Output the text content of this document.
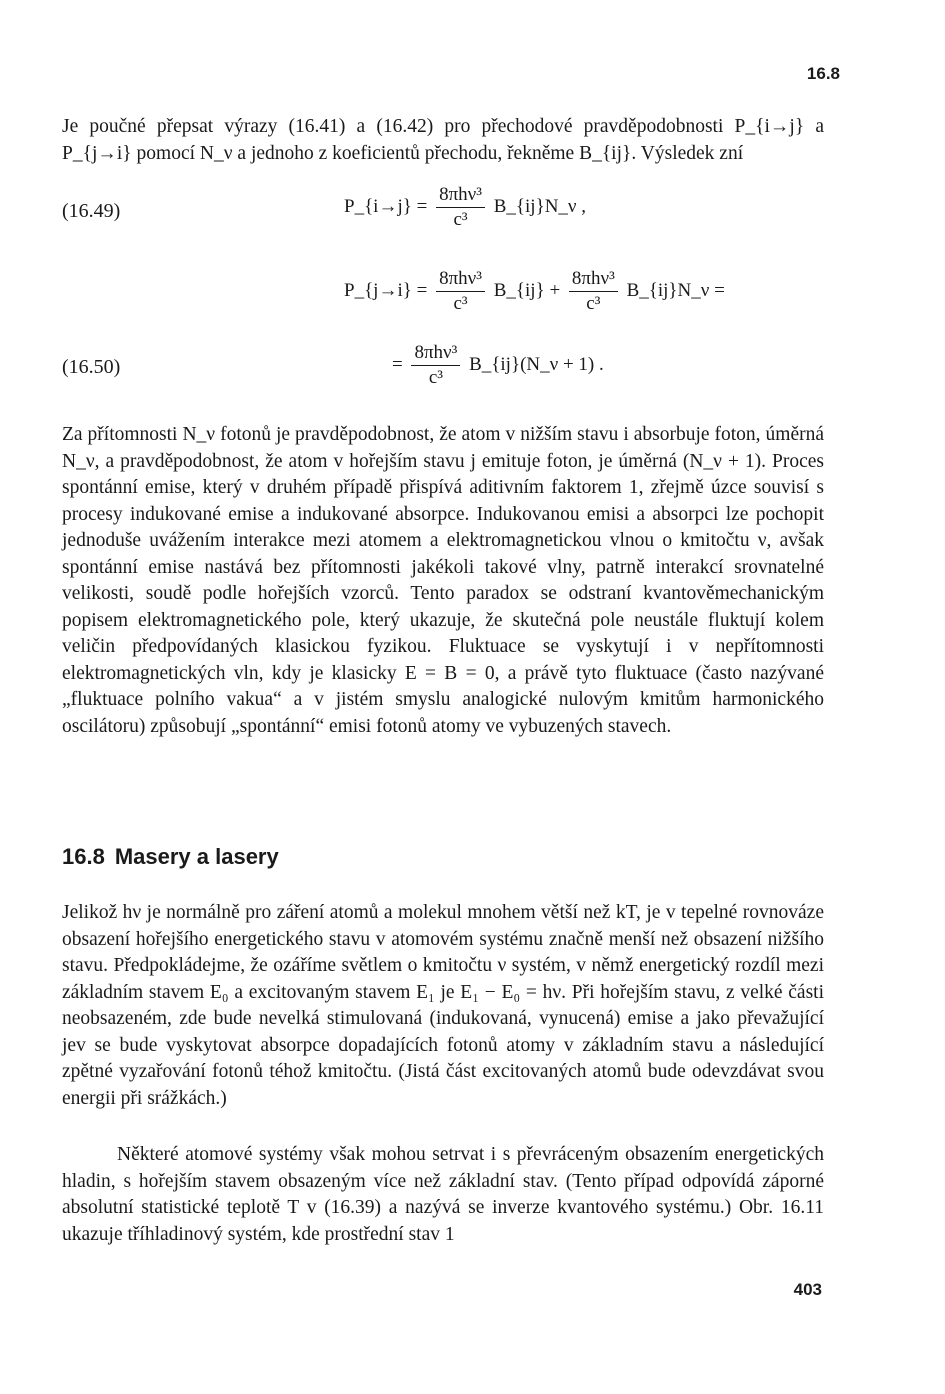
16.8

Je poučné přepsat výrazy (16.41) a (16.42) pro přechodové pravděpodobnosti P_{i→j} a P_{j→i} pomocí N_ν a jednoho z koeficientů přechodu, řekněme B_{ij}. Výsledek zní

(16.49)	P_{i→j} = $\frac{\text{8πhν³}}{\text{c³}}$ B_{ij}N_ν ,
P_{j→i} = $\frac{\text{8πhν³}}{\text{c³}}$ B_{ij} + $\frac{\text{8πhν³}}{\text{c³}}$ B_{ij}N_ν =
(16.50)	= $\frac{\text{8πhν³}}{\text{c³}}$ B_{ij}(N_ν + 1) .

Za přítomnosti N_ν fotonů je pravděpodobnost, že atom v nižším stavu i absorbuje foton, úměrná N_ν, a pravděpodobnost, že atom v hořejším stavu j emituje foton, je úměrná (N_ν + 1). Proces spontánní emise, který v druhém případě přispívá aditivním faktorem 1, zřejmě úzce souvisí s procesy indukované emise a indukované absorpce. Indukovanou emisi a absorpci lze pochopit jednoduše uvážením interakce mezi atomem a elektromagnetickou vlnou o kmitočtu ν, avšak spontánní emise nastává bez přítomnosti jakékoli takové vlny, patrně interakcí srovnatelné velikosti, soudě podle hořejších vzorců. Tento paradox se odstraní kvantověmechanickým popisem elektromagnetického pole, který ukazuje, že skutečná pole neustále fluktují kolem veličin předpovídaných klasickou fyzikou. Fluktuace se vyskytují i v nepřítomnosti elektromagnetických vln, kdy je klasicky E = B = 0, a právě tyto fluktuace (často nazývané „fluktuace polního vakua“ a v jistém smyslu analogické nulovým kmitům harmonického oscilátoru) způsobují „spontánní“ emisi fotonů atomy ve vybuzených stavech.

16.8 Masery a lasery

Jelikož hν je normálně pro záření atomů a molekul mnohem větší než kT, je v tepelné rovnováze obsazení hořejšího energetického stavu v atomovém systému značně menší než obsazení nižšího stavu. Předpokládejme, že ozáříme světlem o kmitočtu ν systém, v němž energetický rozdíl mezi základním stavem E₀ a excitovaným stavem E₁ je E₁ − E₀ = hν. Při hořejším stavu, z velké části neobsazeném, zde bude nevelká stimulovaná (indukovaná, vynucená) emise a jako převažující jev se bude vyskytovat absorpce dopadajících fotonů atomy v základním stavu a následující zpětné vyzařování fotonů téhož kmitočtu. (Jistá část excitovaných atomů bude odevzdávat svou energii při srážkách.)

Některé atomové systémy však mohou setrvat i s převráceným obsazením energetických hladin, s hořejším stavem obsazeným více než základní stav. (Tento případ odpovídá záporné absolutní statistické teplotě T v (16.39) a nazývá se inverze kvantového systému.) Obr. 16.11 ukazuje tříhladinový systém, kde prostřední stav 1

403
